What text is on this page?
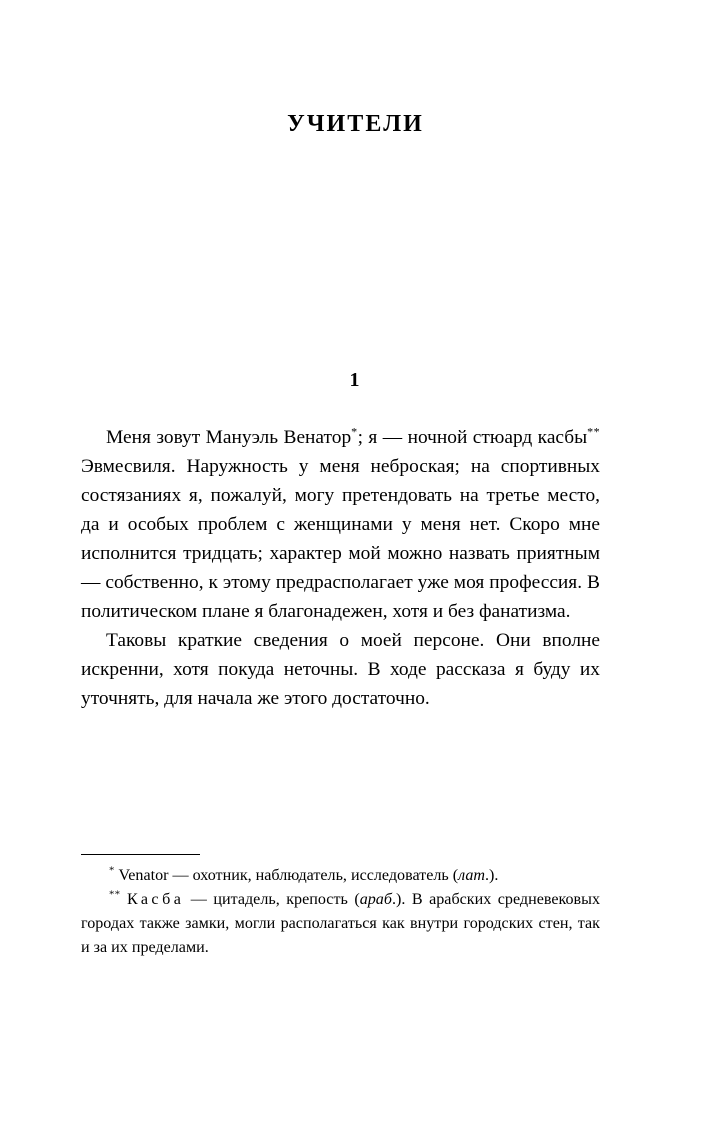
УЧИТЕЛИ
1

Меня зовут Мануэль Венатор*; я — ночной стюард касбы** Эвмесвиля. Наружность у меня неброская; на спортивных состязаниях я, пожалуй, могу претендовать на третье место, да и особых проблем с женщинами у меня нет. Скоро мне исполнится тридцать; характер мой можно назвать приятным — собственно, к этому предрасполагает уже моя профессия. В политическом плане я благонадежен, хотя и без фанатизма.

Таковы краткие сведения о моей персоне. Они вполне искренни, хотя покуда неточны. В ходе рассказа я буду их уточнять, для начала же этого достаточно.

* Venator — охотник, наблюдатель, исследователь (лат.).

** Касба — цитадель, крепость (араб.). В арабских средневековых городах также замки, могли располагаться как внутри городских стен, так и за их пределами.
